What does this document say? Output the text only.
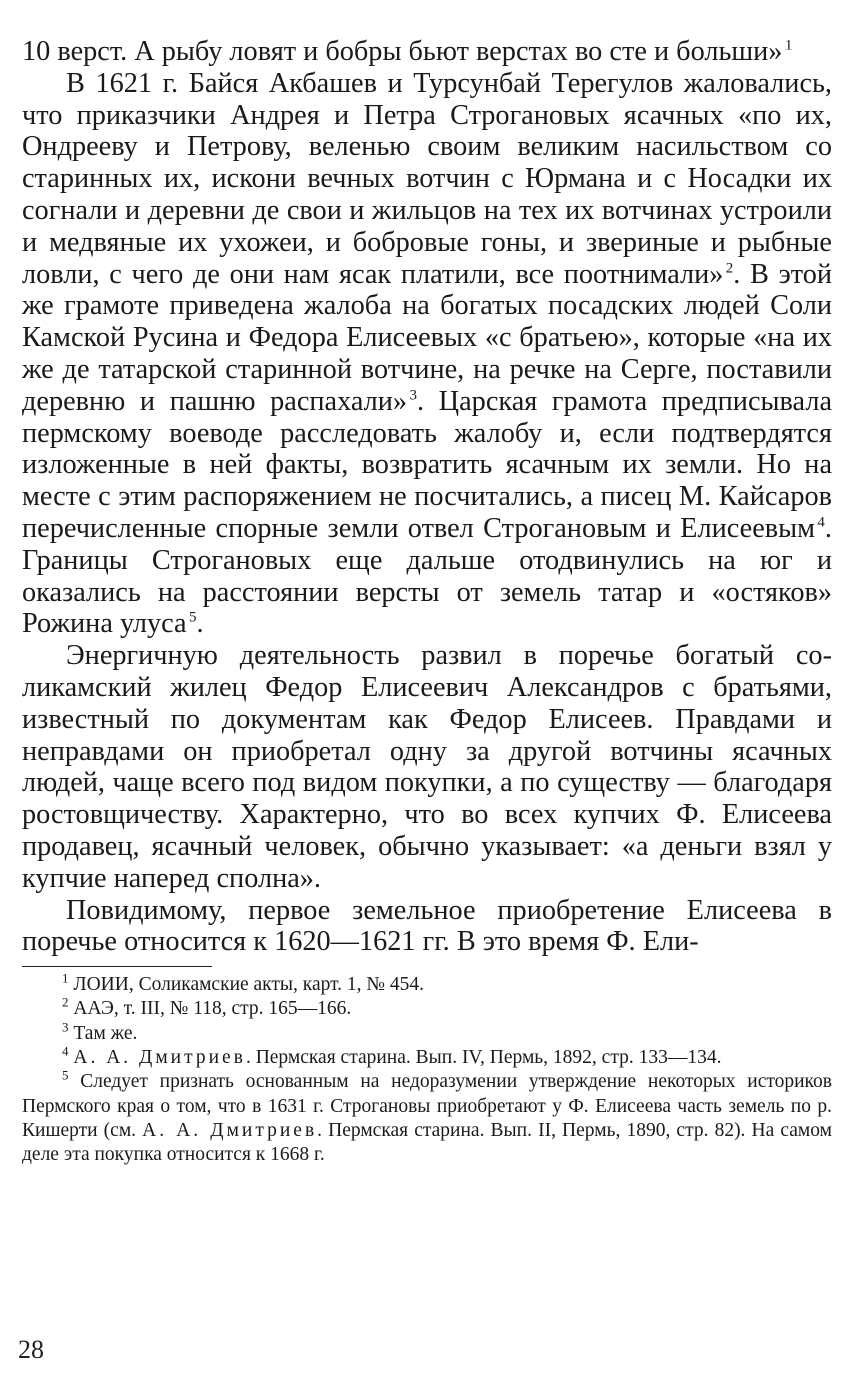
10 верст. А рыбу ловят и бобры бьют верстах во сте и больши»  $^1$

В 1621 г. Байся Акбашев и Турсунбай Терегулов жаловались, что приказчики Андрея и Петра Строгановых ясачных «по их, Ондрееву и Петрову, веленью своим великим насильством со старинных их, искони вечных вотчин с Юрмана и с Носадки их согнали и деревни де свои и жильцов на тех их вотчинах устроили и медвяные их ухожеи, и бобровые гоны, и звериные и рыбные ловли, с чего де они нам ясак платили, все поотнимали»  $^2$. В этой же грамоте приведена жалоба на богатых посадских людей Соли Камской Русина и Федора Елисеевых «с братьею», которые «на их же де татарской старинной вотчине, на речке на Серге, поставили деревню и пашню распахали»  $^3$. Царская грамота предписывала пермскому воеводе расследовать жалобу и, если подтвердятся изложенные в ней факты, возвратить ясачным их земли. Но на месте с этим распоряжением не посчитались, а писец М. Кайсаров перечисленные спорные земли отвел Строгановым и Елисеевым  $^4$. Границы Строгановых еще дальше отодвинулись на юг и оказались на расстоянии версты от земель татар и «остяков» Рожина улуса  $^5$.

Энергичную деятельность развил в поречье богатый соликамский жилец Федор Елисеевич Александров с братьями, известный по документам как Федор Елисеев. Правдами и неправдами он приобретал одну за другой вотчины ясачных людей, чаще всего под видом покупки, а по существу — благодаря ростовщичеству. Характерно, что во всех купчих Ф. Елисеева продавец, ясачный человек, обычно указывает: «а деньги взял у купчие наперед сполна».

Повидимому, первое земельное приобретение Елисеева в поречье относится к 1620—1621 гг. В это время Ф. Ели-

$^1$ ЛОИИ, Соликамские акты, карт. 1, № 454.

$^2$ ААЭ, т. III, № 118, стр. 165—166.

$^3$ Там же.

$^4$ А. А. Дмитриев. Пермская старина. Вып. IV, Пермь, 1892, стр. 133—134.

$^5$ Следует признать основанным на недоразумении утверждение некоторых историков Пермского края о том, что в 1631 г. Строгановы приобретают у Ф. Елисеева часть земель по р. Кишерти (см. А. А. Дмитриев. Пермская старина. Вып. II, Пермь, 1890, стр. 82). На самом деле эта покупка относится к 1668 г.

28
